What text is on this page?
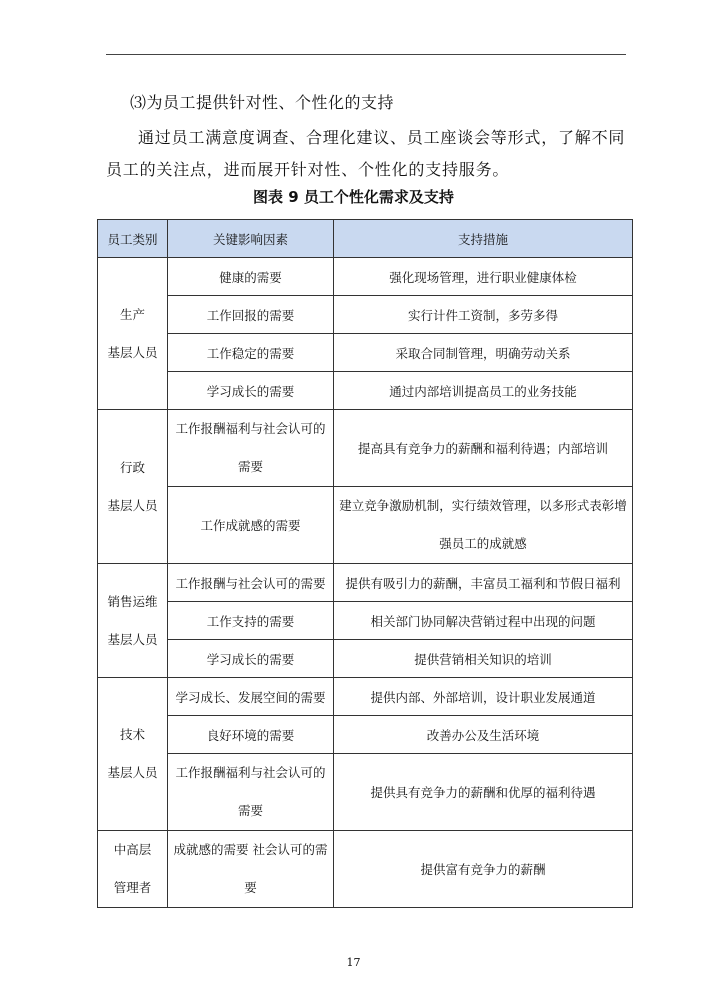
⑶为员工提供针对性、个性化的支持
通过员工满意度调查、合理化建议、员工座谈会等形式，了解不同员工的关注点，进而展开针对性、个性化的支持服务。
图表 9 员工个性化需求及支持
员工类别	关键影响因素	支持措施

生产
基层人员	健康的需要	强化现场管理，进行职业健康体检
	工作回报的需要	实行计件工资制，多劳多得
	工作稳定的需要	采取合同制管理，明确劳动关系
	学习成长的需要	通过内部培训提高员工的业务技能

行政
基层人员	工作报酬福利与社会认可的需要	提高具有竞争力的薪酬和福利待遇；内部培训
	工作成就感的需要	建立竞争激励机制，实行绩效管理，以多形式表彰增强员工的成就感

销售运维
基层人员	工作报酬与社会认可的需要	提供有吸引力的薪酬，丰富员工福利和节假日福利
	工作支持的需要	相关部门协同解决营销过程中出现的问题
	学习成长的需要	提供营销相关知识的培训

技术
基层人员	学习成长、发展空间的需要	提供内部、外部培训，设计职业发展通道
	良好环境的需要	改善办公及生活环境
	工作报酬福利与社会认可的需要	提供具有竞争力的薪酬和优厚的福利待遇

中高层
管理者	成就感的需要 社会认可的需要	提供富有竞争力的薪酬
17
